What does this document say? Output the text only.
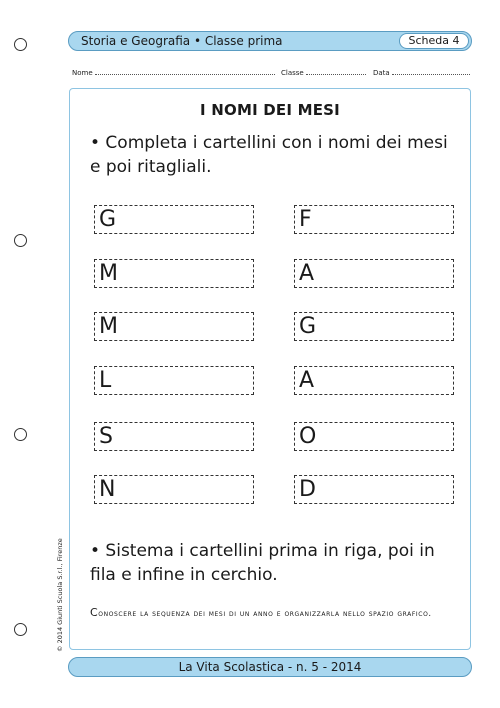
Storia e Geografia • Classe prima	Scheda 4
Nome	Classe	Data
I NOMI DEI MESI
• Completa i cartellini con i nomi dei mesi e poi ritagliali.
G	F
M	A
M	G
L	A
S	O
N	D
• Sistema i cartellini prima in riga, poi in fila e infine in cerchio.
Conoscere la sequenza dei mesi di un anno e organizzarla nello spazio grafico.
© 2014 Giunti Scuola S.r.l., Firenze
La Vita Scolastica - n. 5 - 2014
